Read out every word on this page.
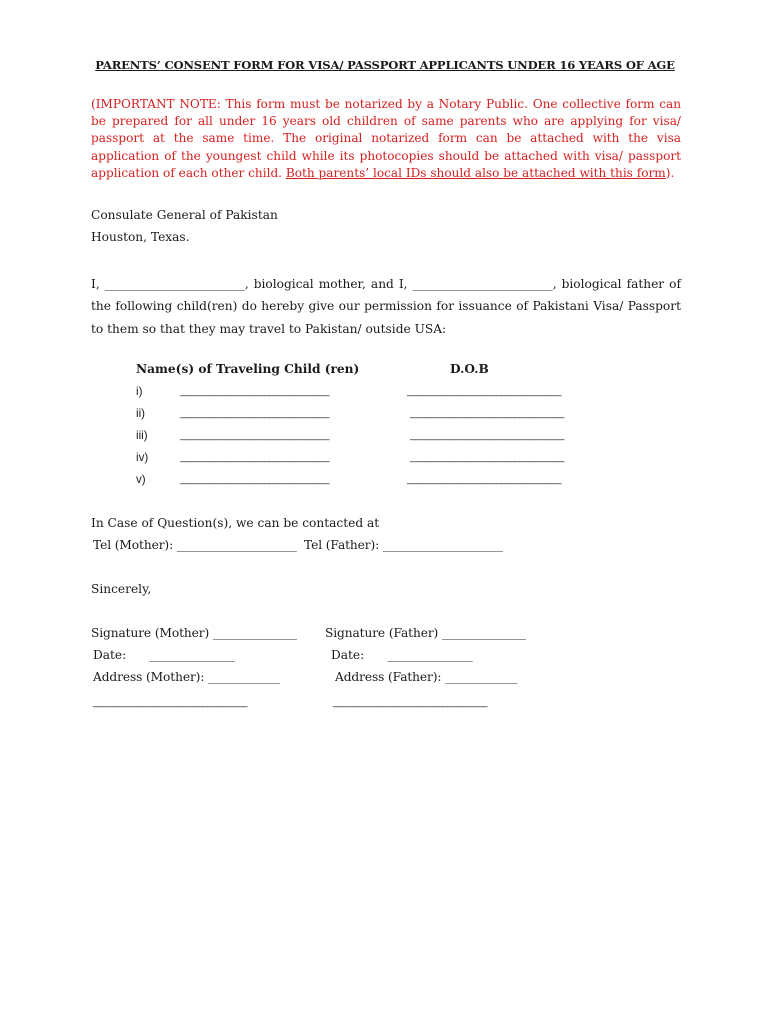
PARENTS’ CONSENT FORM FOR VISA/ PASSPORT APPLICANTS UNDER 16 YEARS OF AGE
(IMPORTANT NOTE: This form must be notarized by a Notary Public. One collective form can be prepared for all under 16 years old children of same parents who are applying for visa/ passport at the same time. The original notarized form can be attached with the visa application of the youngest child while its photocopies should be attached with visa/ passport application of each other child. Both parents’ local IDs should also be attached with this form).
Consulate General of Pakistan
Houston, Texas.
I, _______________________, biological mother, and I, _______________________, biological father of the following child(ren) do hereby give our permission for issuance of Pakistani Visa/ Passport to them so that they may travel to Pakistan/ outside USA:
Name(s) of Traveling Child (ren)	D.O.B
i)	______________________________	_______________________________
ii)	______________________________	_______________________________
iii)	______________________________	_______________________________
iv)	______________________________	_______________________________
v)	______________________________	_______________________________
In Case of Question(s), we can be contacted at
Tel (Mother): ____________________ Tel (Father): ____________________
Sincerely,
Signature (Mother) ______________ Signature (Father) ______________
Date:      ______________	Date:      ______________
Address (Mother): ____________	Address (Father): ____________
_______________________________	_______________________________
